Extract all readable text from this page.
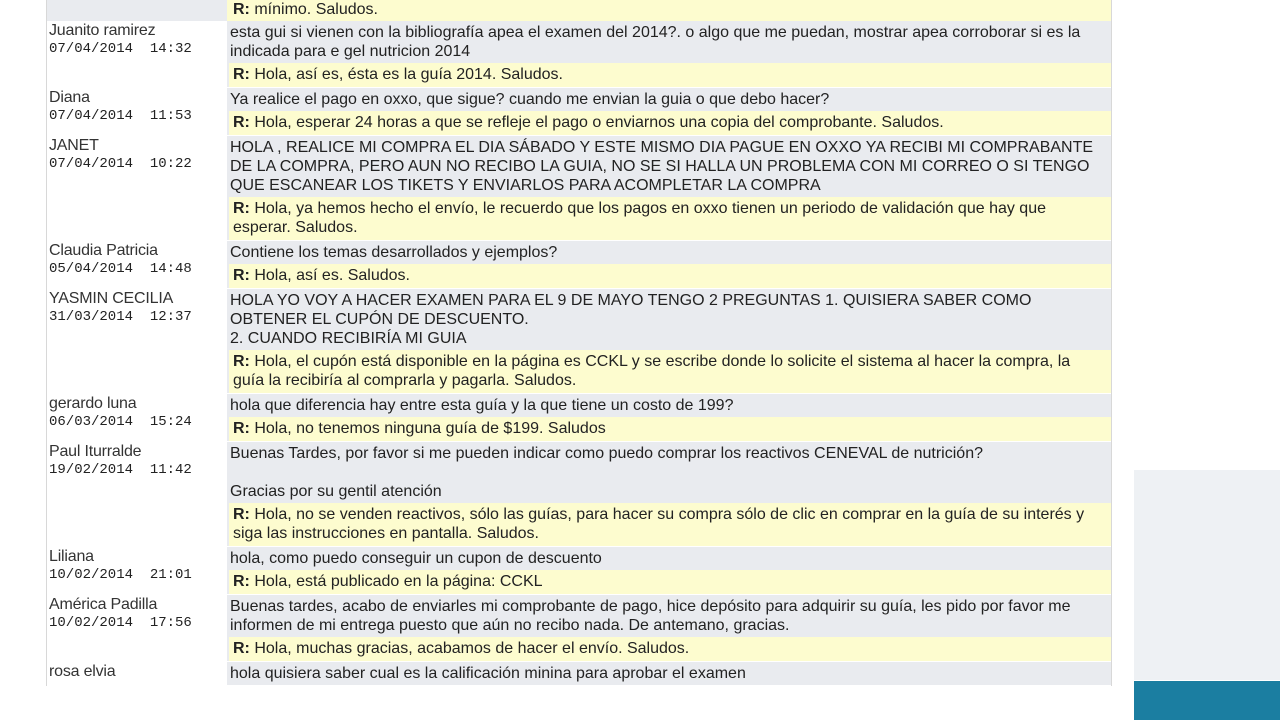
R: mínimo. Saludos.
Juanito ramirez
07/04/2014  14:32
esta gui si vienen con la bibliografía apea el examen del 2014?. o algo que me puedan, mostrar apea corroborar si es la indicada para e gel nutricion 2014
R: Hola, así es, ésta es la guía 2014. Saludos.
Diana
07/04/2014  11:53
Ya realice el pago en oxxo, que sigue? cuando me envian la guia o que debo hacer?
R: Hola, esperar 24 horas a que se refleje el pago o enviarnos una copia del comprobante. Saludos.
JANET
07/04/2014  10:22
HOLA , REALICE MI COMPRA EL DIA SÁBADO Y ESTE MISMO DIA PAGUE EN OXXO YA RECIBI MI COMPRABANTE DE LA COMPRA, PERO AUN NO RECIBO LA GUIA, NO SE SI HALLA UN PROBLEMA CON MI CORREO O SI TENGO QUE ESCANEAR LOS TIKETS Y ENVIARLOS PARA ACOMPLETAR LA COMPRA
R: Hola, ya hemos hecho el envío, le recuerdo que los pagos en oxxo tienen un periodo de validación que hay que esperar. Saludos.
Claudia Patricia
05/04/2014  14:48
Contiene los temas desarrollados y ejemplos?
R: Hola, así es. Saludos.
YASMIN CECILIA
31/03/2014  12:37
HOLA YO VOY A HACER EXAMEN PARA EL 9 DE MAYO TENGO 2 PREGUNTAS 1. QUISIERA SABER COMO OBTENER EL CUPÓN DE DESCUENTO.
2. CUANDO RECIBIRÍA MI GUIA
R: Hola, el cupón está disponible en la página es CCKL y se escribe donde lo solicite el sistema al hacer la compra, la guía la recibiría al comprarla y pagarla. Saludos.
gerardo luna
06/03/2014  15:24
hola que diferencia hay entre esta guía y la que tiene un costo de 199?
R: Hola, no tenemos ninguna guía de $199. Saludos
Paul Iturralde
19/02/2014  11:42
Buenas Tardes, por favor si me pueden indicar como puedo comprar los reactivos CENEVAL de nutrición?

Gracias por su gentil atención
R: Hola, no se venden reactivos, sólo las guías, para hacer su compra sólo de clic en comprar en la guía de su interés y siga las instrucciones en pantalla. Saludos.
Liliana
10/02/2014  21:01
hola, como puedo conseguir un cupon de descuento
R: Hola, está publicado en la página: CCKL
América Padilla
10/02/2014  17:56
Buenas tardes, acabo de enviarles mi comprobante de pago, hice depósito para adquirir su guía, les pido por favor me informen de mi entrega puesto que aún no recibo nada. De antemano, gracias.
R: Hola, muchas gracias, acabamos de hacer el envío. Saludos.
rosa elvia	hola quisiera saber cual es la calificación minina para aprobar el examen
